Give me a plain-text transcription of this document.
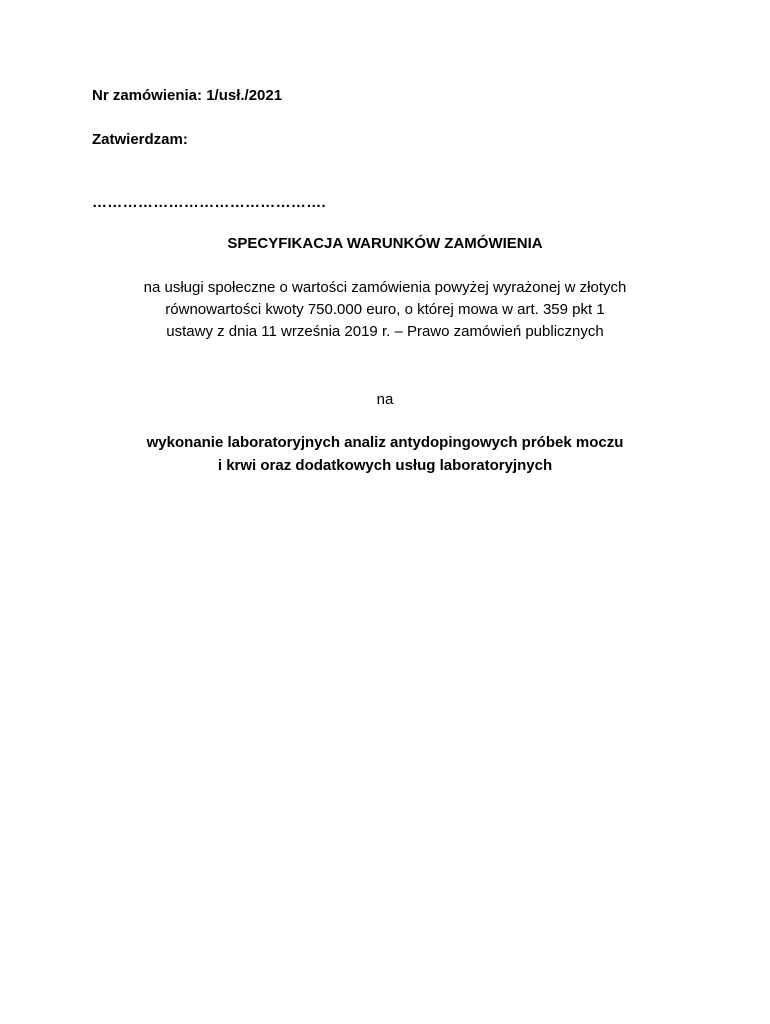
Nr zamówienia: 1/usł./2021
Zatwierdzam:
……………………………………….
SPECYFIKACJA WARUNKÓW ZAMÓWIENIA
na usługi społeczne o wartości zamówienia powyżej wyrażonej w złotych
równowartości kwoty 750.000 euro, o której mowa w art. 359 pkt 1
ustawy z dnia 11 września 2019 r. – Prawo zamówień publicznych
na
wykonanie laboratoryjnych analiz antydopingowych próbek moczu
i krwi oraz dodatkowych usług laboratoryjnych
